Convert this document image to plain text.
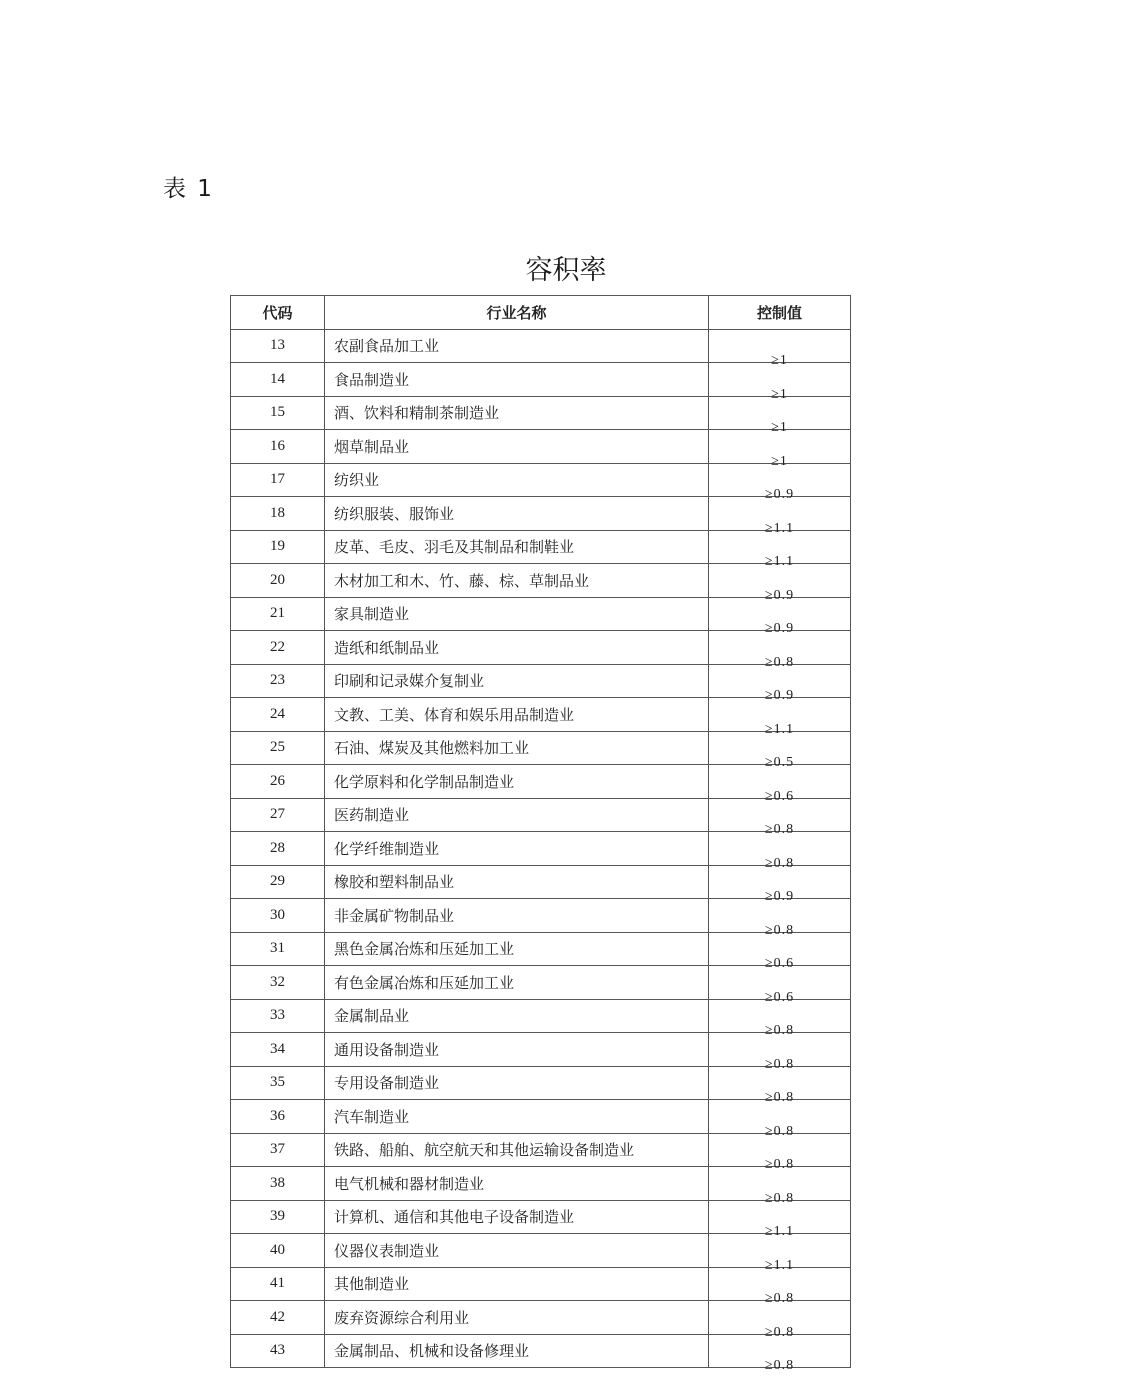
表 1
容积率
代码	行业名称	控制值
13	农副食品加工业	≥1

14	食品制造业	≥1

15	酒、饮料和精制茶制造业	≥1

16	烟草制品业	≥1

17	纺织业	≥0.9

18	纺织服装、服饰业	≥1.1

19	皮革、毛皮、羽毛及其制品和制鞋业	≥1.1

20	木材加工和木、竹、藤、棕、草制品业	≥0.9

21	家具制造业	≥0.9

22	造纸和纸制品业	≥0.8

23	印刷和记录媒介复制业	≥0.9

24	文教、工美、体育和娱乐用品制造业	≥1.1

25	石油、煤炭及其他燃料加工业	≥0.5

26	化学原料和化学制品制造业	≥0.6

27	医药制造业	≥0.8

28	化学纤维制造业	≥0.8

29	橡胶和塑料制品业	≥0.9

30	非金属矿物制品业	≥0.8

31	黑色金属冶炼和压延加工业	≥0.6

32	有色金属冶炼和压延加工业	≥0.6

33	金属制品业	≥0.8

34	通用设备制造业	≥0.8

35	专用设备制造业	≥0.8

36	汽车制造业	≥0.8

37	铁路、船舶、航空航天和其他运输设备制造业	≥0.8

38	电气机械和器材制造业	≥0.8

39	计算机、通信和其他电子设备制造业	≥1.1

40	仪器仪表制造业	≥1.1

41	其他制造业	≥0.8

42	废弃资源综合利用业	≥0.8

43	金属制品、机械和设备修理业	≥0.8
